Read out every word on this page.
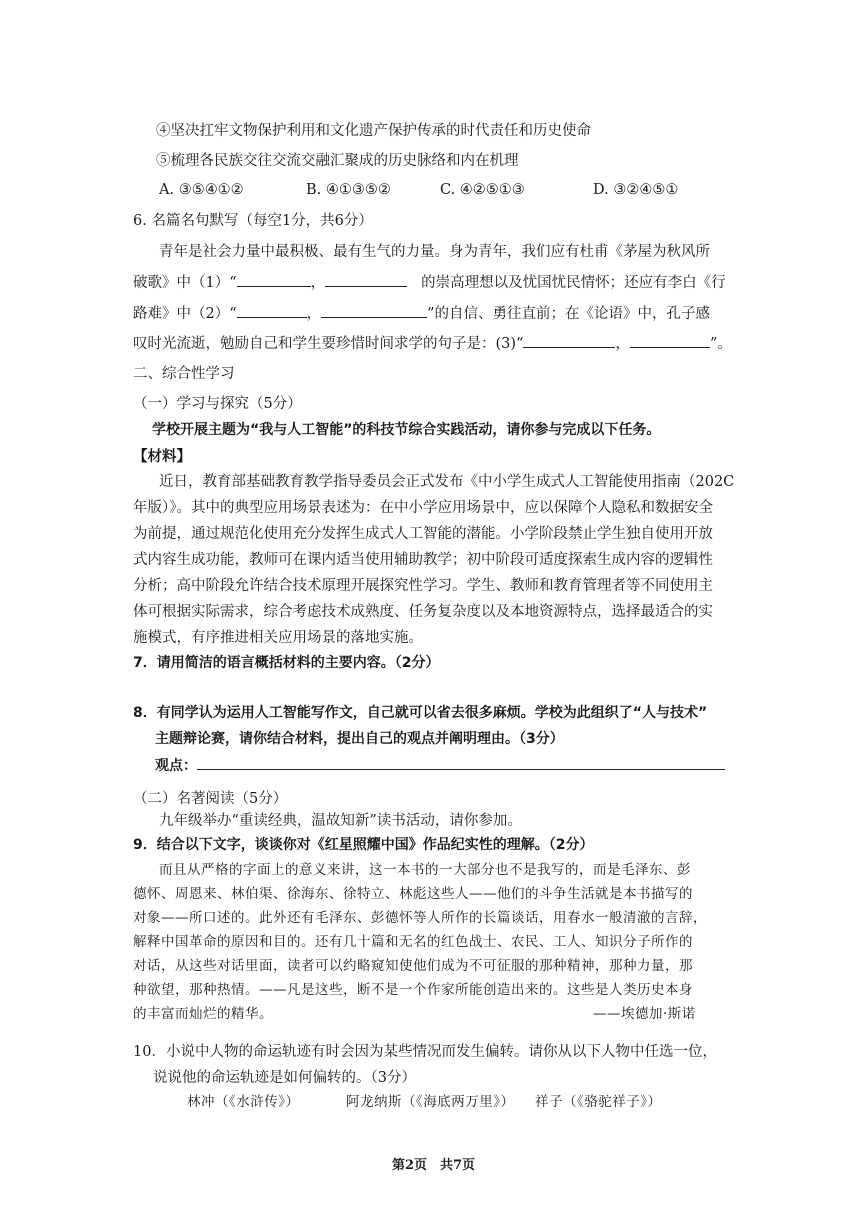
④坚决扛牢文物保护利用和文化遗产保护传承的时代责任和历史使命
⑤梳理各民族交往交流交融汇聚成的历史脉络和内在机理
A. ③⑤④①②	B. ④①③⑤②	C. ④②⑤①③	D. ③②④⑤①
6. 名篇名句默写（每空1分，共6分）
青年是社会力量中最积极、最有生气的力量。身为青年，我们应有杜甫《茅屋为秋风所
破歌》中（1）“	，	的崇高理想以及忧国忧民情怀；还应有李白《行
路难》中（2）“	，	”的自信、勇往直前；在《论语》中，孔子感
叹时光流逝，勉励自己和学生要珍惜时间求学的句子是：(3)“	，	”。
二、综合性学习
（一）学习与探究（5分）
学校开展主题为“我与人工智能”的科技节综合实践活动，请你参与完成以下任务。
【材料】
近日，教育部基础教育教学指导委员会正式发布《中小学生成式人工智能使用指南（202C
年版）》。其中的典型应用场景表述为：在中小学应用场景中，应以保障个人隐私和数据安全
为前提，通过规范化使用充分发挥生成式人工智能的潜能。小学阶段禁止学生独自使用开放
式内容生成功能，教师可在课内适当使用辅助教学；初中阶段可适度探索生成内容的逻辑性
分析；高中阶段允许结合技术原理开展探究性学习。学生、教师和教育管理者等不同使用主
体可根据实际需求，综合考虑技术成熟度、任务复杂度以及本地资源特点，选择最适合的实
施模式，有序推进相关应用场景的落地实施。
7．请用简洁的语言概括材料的主要内容。（2分）
8．有同学认为运用人工智能写作文，自己就可以省去很多麻烦。学校为此组织了“人与技术”
主题辩论赛，请你结合材料，提出自己的观点并阐明理由。（3分）
观点：
（二）名著阅读（5分）
九年级举办“重读经典，温故知新”读书活动，请你参加。
9．结合以下文字，谈谈你对《红星照耀中国》作品纪实性的理解。（2分）
而且从严格的字面上的意义来讲，这一本书的一大部分也不是我写的，而是毛泽东、彭
德怀、周恩来、林伯渠、徐海东、徐特立、林彪这些人——他们的斗争生活就是本书描写的
对象——所口述的。此外还有毛泽东、彭德怀等人所作的长篇谈话，用春水一般清澈的言辞，
解释中国革命的原因和目的。还有几十篇和无名的红色战士、农民、工人、知识分子所作的
对话，从这些对话里面，读者可以约略窥知使他们成为不可征服的那种精神，那种力量，那
种欲望，那种热情。——凡是这些，断不是一个作家所能创造出来的。这些是人类历史本身
的丰富而灿烂的精华。	——埃德加·斯诺
10．小说中人物的命运轨迹有时会因为某些情况而发生偏转。请你从以下人物中任选一位，
说说他的命运轨迹是如何偏转的。（3分）
林冲（《水浒传》）	阿龙纳斯（《海底两万里》） 祥子（《骆驼祥子》）
第2页　共7页
